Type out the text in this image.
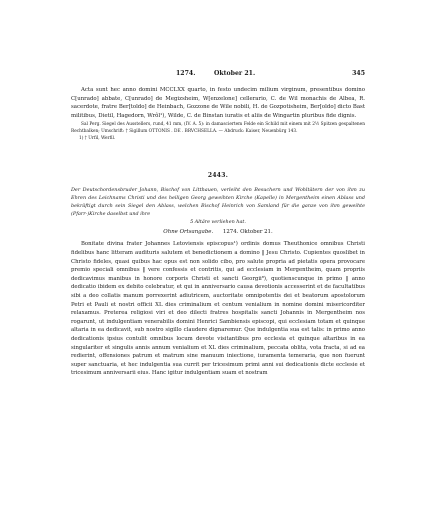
1274.	Oktober 21.	345

Acta sunt hec anno domini MCCLXX quarto, in festo undecim milium virginum, presentibus domino C[unrado] abbate, C[unrado] de Megizsheim, W[enzelone] cellerario, C. de Wil monachis de Albea, R. sacerdote, fratre Ber[toldo] de Heinbach, Gozzone de Wile nobili, H. de Gozpotisheim, Ber[oldo] dicto Bast militibus, Dietil, Hagedorn, Wrôl¹), Wilde, C. de Binstan iuratis et aliis de Wingartin pluribus fide dignis.

Sal Perg. Siegel des Ausstellers, rund, 41 mm, (IV. A. 5): in damasciertem Felde ein Schild mit einem mit 2½ Spitzen gespaltenen Rechtbalken; Umschrift: † Sigillum OTTONIS . DE . BRVCHSELLA. — Abdruck: Kaiser, Neuenbürg 143.

1) † Urfil, Werfil.

2443.

Der Deutschordensbruder Johann, Bischof von Litthauen, verleiht den Besuchern und Wohltätern der von ihm zu Ehren des Leichnams Christi und des heiligen Georg geweihten Kirche (Kapelle) in Mergentheim einen Ablass und bekräftigt durch sein Siegel den Ablass, welchen Bischof Heinrich von Samland für die ganze von ihm geweihte (Pfarr-)Kirche daselbst und ihre
5 Altäre verliehen hat.

Ohne Ortsangabe. 1274. Oktober 21.

Bonitate divina frater Johannes Letoviensis episcopus¹) ordinis domus Theuthonice omnibus Christi fidelibus hanc litteram audituris salutem et benedictionem a domino ‖ Jesu Christo. Cupientes quoslibet in Christo fideles, quasi quibus hac opus est non solido cibo, pro salute propria ad pietatis opera provocare premio speciali omnibus ‖ vere confessis et contritis, qui ad ecclesiam in Mergentheim, quam propriis dedicavimus manibus in honore corporis Christi et sancti Georgii⁸), quotienscunque in primo ‖ anno dedicatio ibidem ex debito celebratur, et qui in anniversario causa devotionis accesserint et de facultatibus sibi a deo collatis manum porrexerint adiutricem, auctoritate omnipotentis dei et beatorum apostolorum Petri et Pauli et nostri officii XL dies criminalium et centum venialium in nomine domini misericorditer relaxamus. Preterea religiosi viri et deo dilecti fratres hospitalis sancti Johannis in Mergentheim nos rogarunt, ut indulgentiam venerabilis domini Henrici Sambiensis episcopi, qui ecclesiam totam et quinque altaria in ea dedicavit, sub nostro sigillo claudere dignaremur. Que indulgentia sua est talis: in primo anno dedicationis ipsius contulit omnibus locum devote visitantibus pro ecclesia et quinque altaribus in ea singulariter et singulis annis annum venialium et XL dies criminalium, peccata oblita, vota fracta, si ad ea redierint, offensiones patrum et matrum sine manuum iniectione, iuramenta temeraria, que non fuerunt super sanctuaria, et hec indulgentia sua currit per tricesimum primi anni sui dedicationis dicte ecclesie et tricesimum anniversarii eius. Hanc igitur indulgentiam suam et nostram
